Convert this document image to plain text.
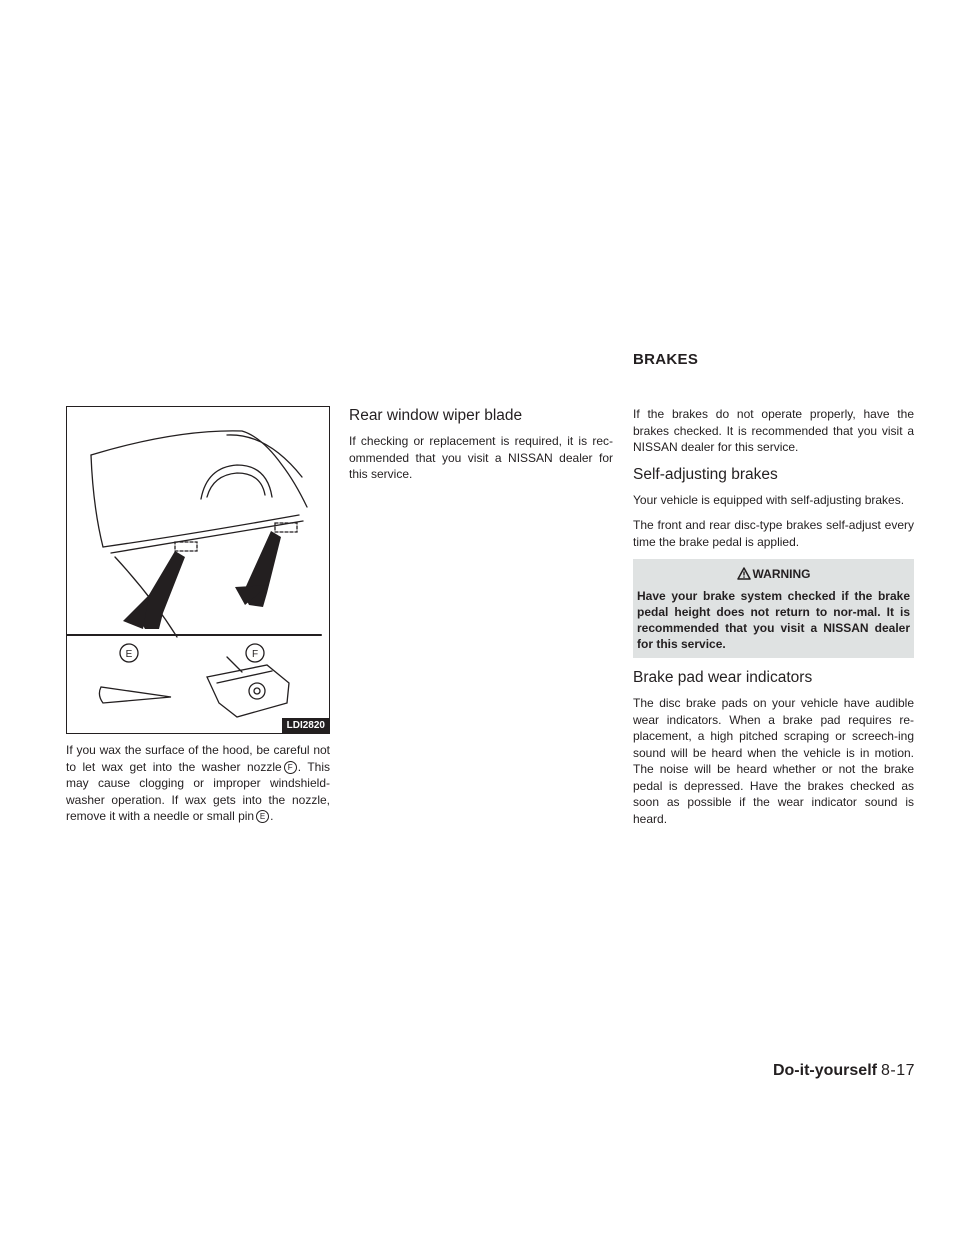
BRAKES
E	F
LDI2820

If you wax the surface of the hood, be careful not to let wax get into the washer nozzle F . This may cause clogging or improper windshield-washer operation. If wax gets into the nozzle, remove it with a needle or small pin E .

Rear window wiper blade

If checking or replacement is required, it is rec-ommended that you visit a NISSAN dealer for this service.

If the brakes do not operate properly, have the brakes checked. It is recommended that you visit a NISSAN dealer for this service.

Self-adjusting brakes

Your vehicle is equipped with self-adjusting brakes.

The front and rear disc-type brakes self-adjust every time the brake pedal is applied.

WARNING
Have your brake system checked if the brake pedal height does not return to nor-mal. It is recommended that you visit a NISSAN dealer for this service.
Brake pad wear indicators

The disc brake pads on your vehicle have audible wear indicators. When a brake pad requires re-placement, a high pitched scraping or screech-ing sound will be heard when the vehicle is in motion. The noise will be heard whether or not the brake pedal is depressed. Have the brakes checked as soon as possible if the wear indicator sound is heard.

Do-it-yourself 8-17
